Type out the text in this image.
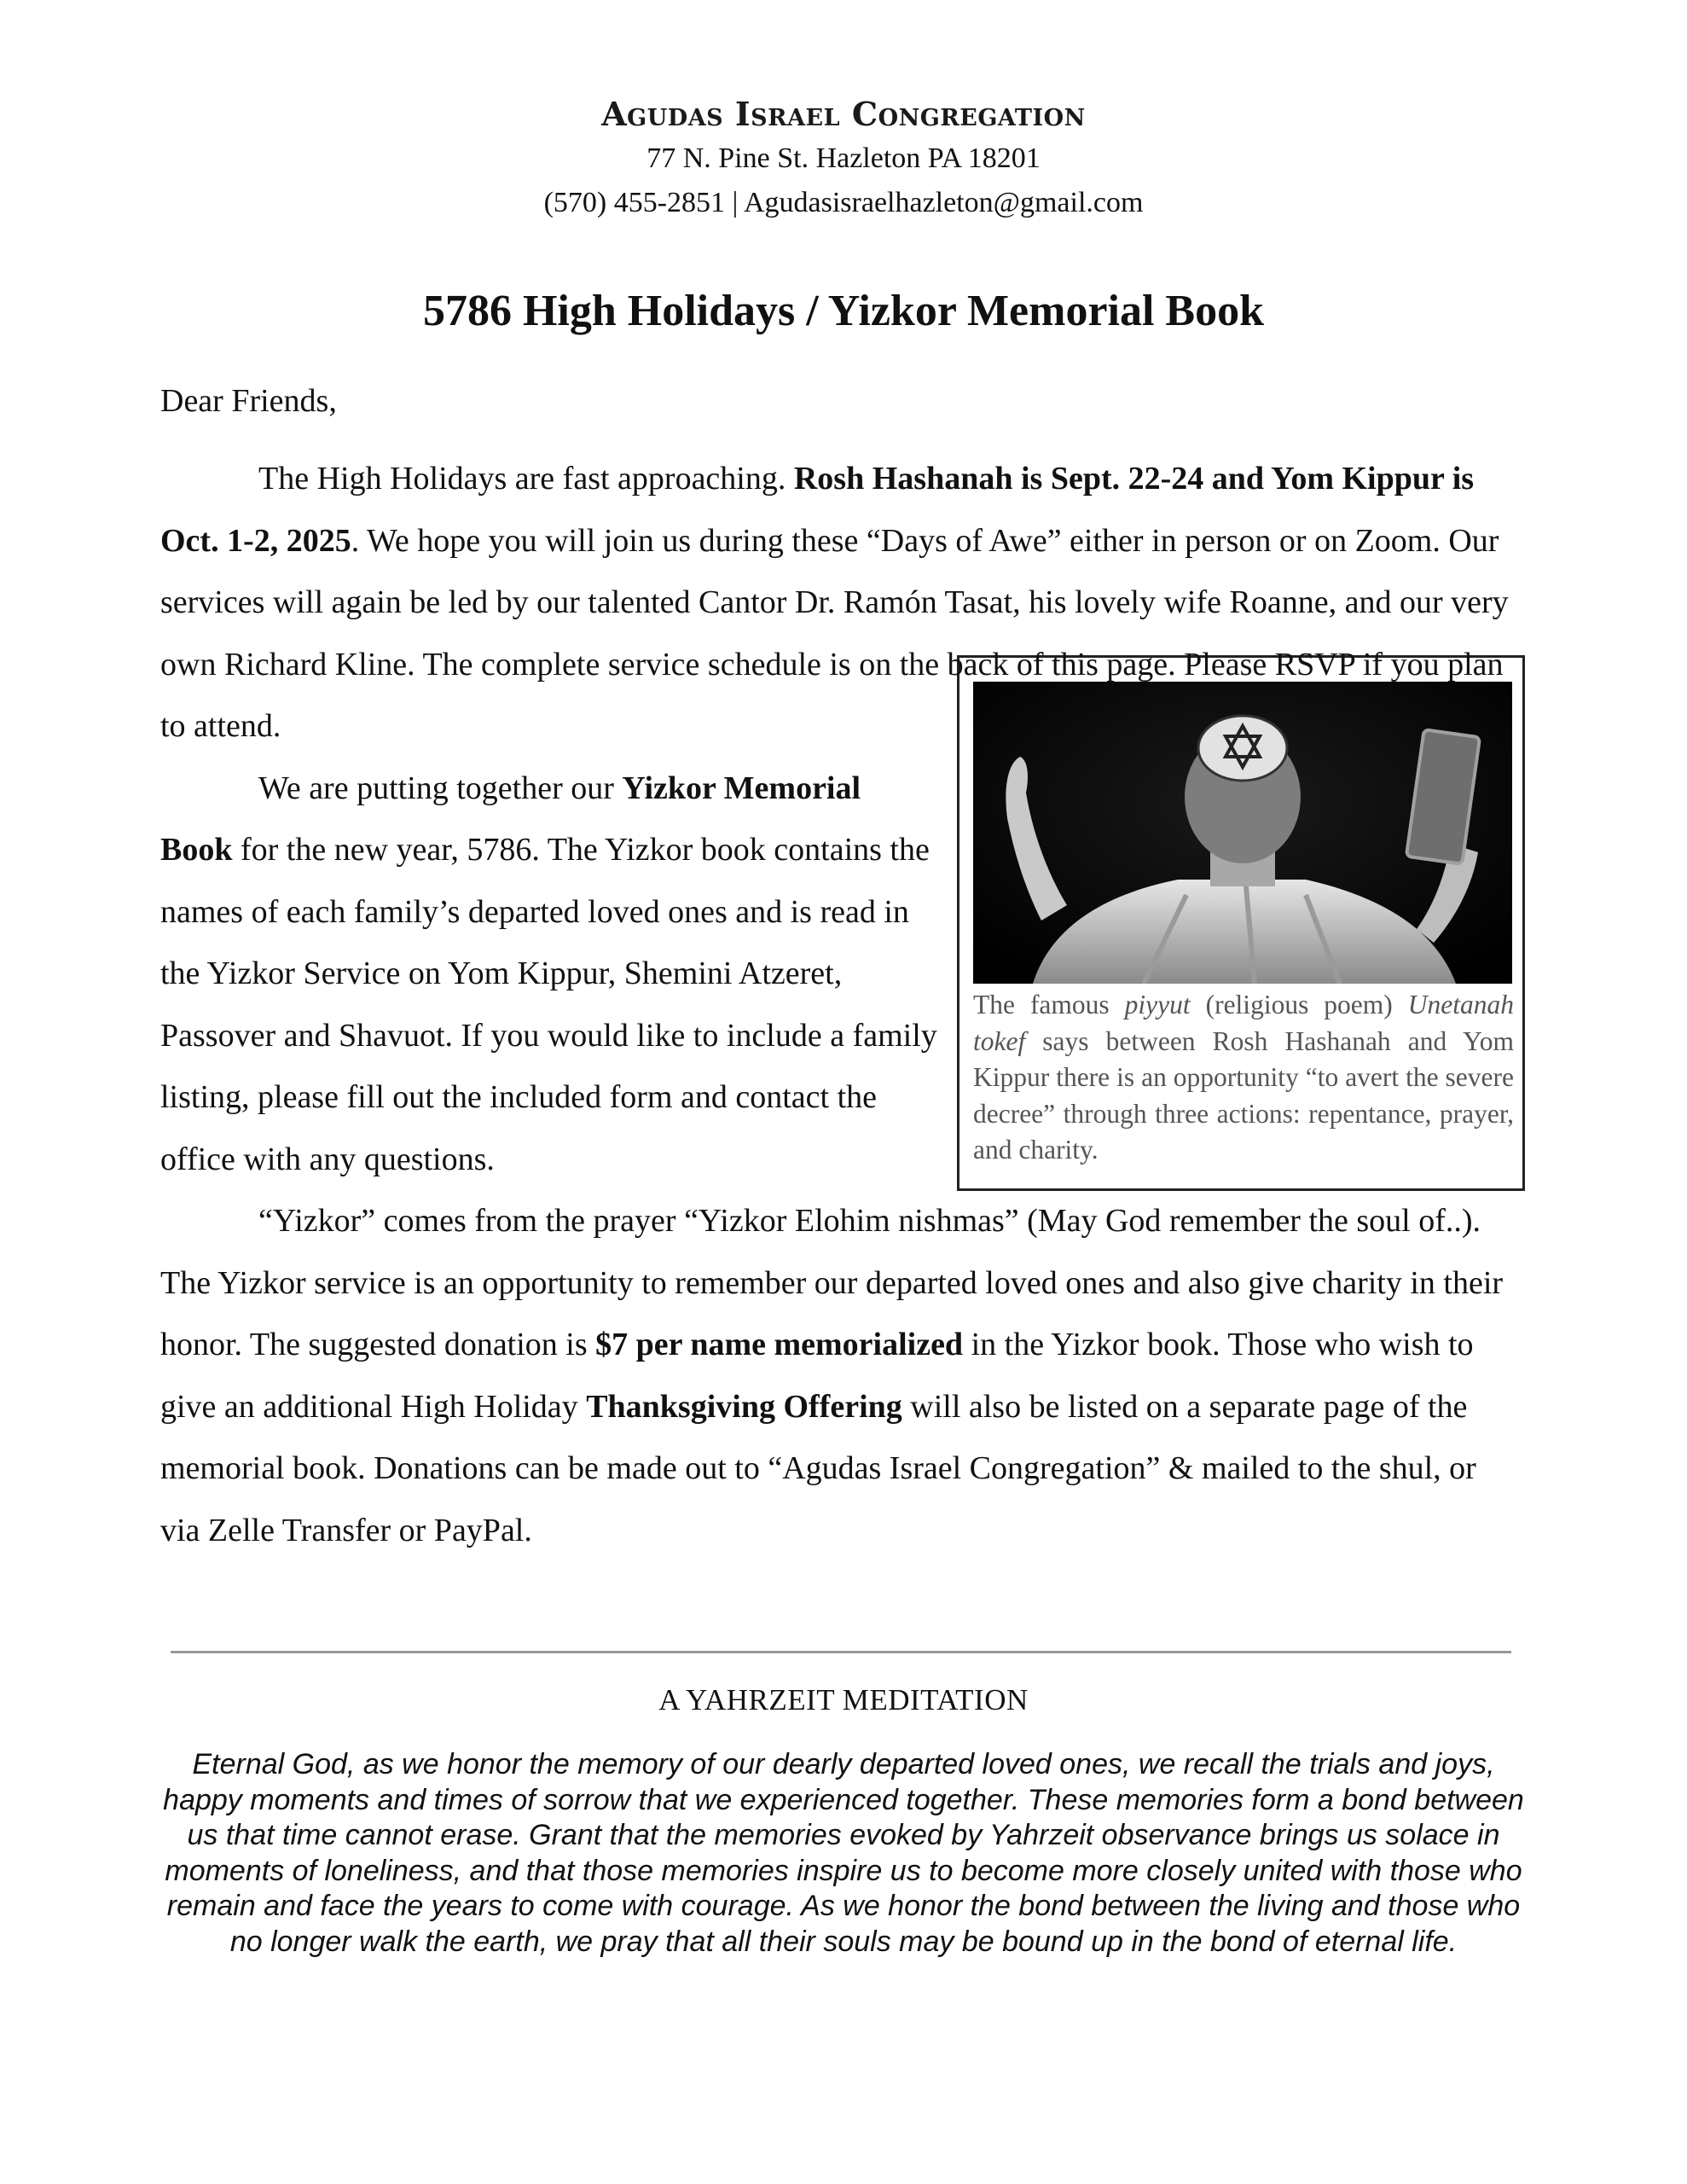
Agudas Israel Congregation
77 N. Pine St. Hazleton PA 18201
(570) 455-2851 | Agudasisraelhazleton@gmail.com
5786 High Holidays / Yizkor Memorial Book
Dear Friends,
The famous piyyut (religious poem) Unetanah tokef says between Rosh Hashanah and Yom Kippur there is an opportunity “to avert the severe decree” through three actions: repentance, prayer, and charity.

The High Holidays are fast approaching. Rosh Hashanah is Sept. 22-24 and Yom Kippur is Oct. 1-2, 2025. We hope you will join us during these “Days of Awe” either in person or on Zoom. Our services will again be led by our talented Cantor Dr. Ramón Tasat, his lovely wife Roanne, and our very own Richard Kline. The complete service schedule is on the back of this page. Please RSVP if you plan to attend.

We are putting together our Yizkor Memorial Book for the new year, 5786. The Yizkor book contains the names of each family’s departed loved ones and is read in the Yizkor Service on Yom Kippur, Shemini Atzeret, Passover and Shavuot. If you would like to include a family listing, please fill out the included form and contact the office with any questions.

“Yizkor” comes from the prayer “Yizkor Elohim nishmas” (May God remember the soul of..). The Yizkor service is an opportunity to remember our departed loved ones and also give charity in their honor. The suggested donation is $7 per name memorialized in the Yizkor book. Those who wish to give an additional High Holiday Thanksgiving Offering will also be listed on a separate page of the memorial book. Donations can be made out to “Agudas Israel Congregation” & mailed to the shul, or via Zelle Transfer or PayPal.

A YAHRZEIT MEDITATION
Eternal God, as we honor the memory of our dearly departed loved ones, we recall the trials and joys, happy moments and times of sorrow that we experienced together. These memories form a bond between us that time cannot erase. Grant that the memories evoked by Yahrzeit observance brings us solace in moments of loneliness, and that those memories inspire us to become more closely united with those who remain and face the years to come with courage. As we honor the bond between the living and those who no longer walk the earth, we pray that all their souls may be bound up in the bond of eternal life.
